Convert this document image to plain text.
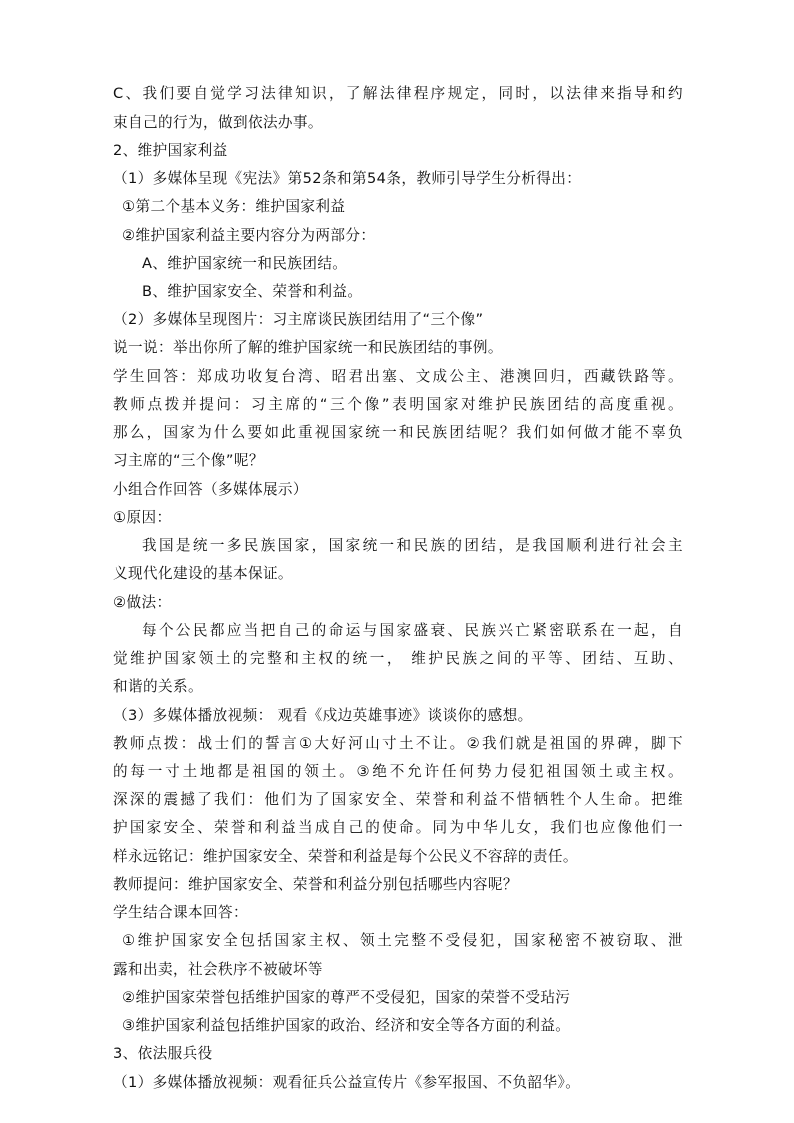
C、我们要自觉学习法律知识，了解法律程序规定，同时，以法律来指导和约
束自己的行为，做到依法办事。
2、维护国家利益
（1）多媒体呈现《宪法》第52条和第54条，教师引导学生分析得出：
①第二个基本义务：维护国家利益
②维护国家利益主要内容分为两部分：
A、维护国家统一和民族团结。
B、维护国家安全、荣誉和利益。
（2）多媒体呈现图片：习主席谈民族团结用了“三个像”
说一说：举出你所了解的维护国家统一和民族团结的事例。
学生回答：郑成功收复台湾、昭君出塞、文成公主、港澳回归，西藏铁路等。
教师点拨并提问：习主席的“三个像”表明国家对维护民族团结的高度重视。
那么，国家为什么要如此重视国家统一和民族团结呢？我们如何做才能不辜负
习主席的“三个像”呢？
小组合作回答（多媒体展示）
①原因：
我国是统一多民族国家，国家统一和民族的团结，是我国顺利进行社会主
义现代化建设的基本保证。
②做法：
每个公民都应当把自己的命运与国家盛衰、民族兴亡紧密联系在一起，自
觉维护国家领土的完整和主权的统一， 维护民族之间的平等、团结、互助、
和谐的关系。
（3）多媒体播放视频： 观看《戍边英雄事迹》谈谈你的感想。
教师点拨：战士们的誓言①大好河山寸土不让。②我们就是祖国的界碑，脚下
的每一寸土地都是祖国的领土。③绝不允许任何势力侵犯祖国领土或主权。
深深的震撼了我们：他们为了国家安全、荣誉和利益不惜牺牲个人生命。把维
护国家安全、荣誉和利益当成自己的使命。同为中华儿女，我们也应像他们一
样永远铭记：维护国家安全、荣誉和利益是每个公民义不容辞的责任。
教师提问：维护国家安全、荣誉和利益分别包括哪些内容呢？
学生结合课本回答：
①维护国家安全包括国家主权、领土完整不受侵犯，国家秘密不被窃取、泄
露和出卖，社会秩序不被破坏等
②维护国家荣誉包括维护国家的尊严不受侵犯，国家的荣誉不受玷污
③维护国家利益包括维护国家的政治、经济和安全等各方面的利益。
3、依法服兵役
（1）多媒体播放视频：观看征兵公益宣传片《参军报国、不负韶华》。
